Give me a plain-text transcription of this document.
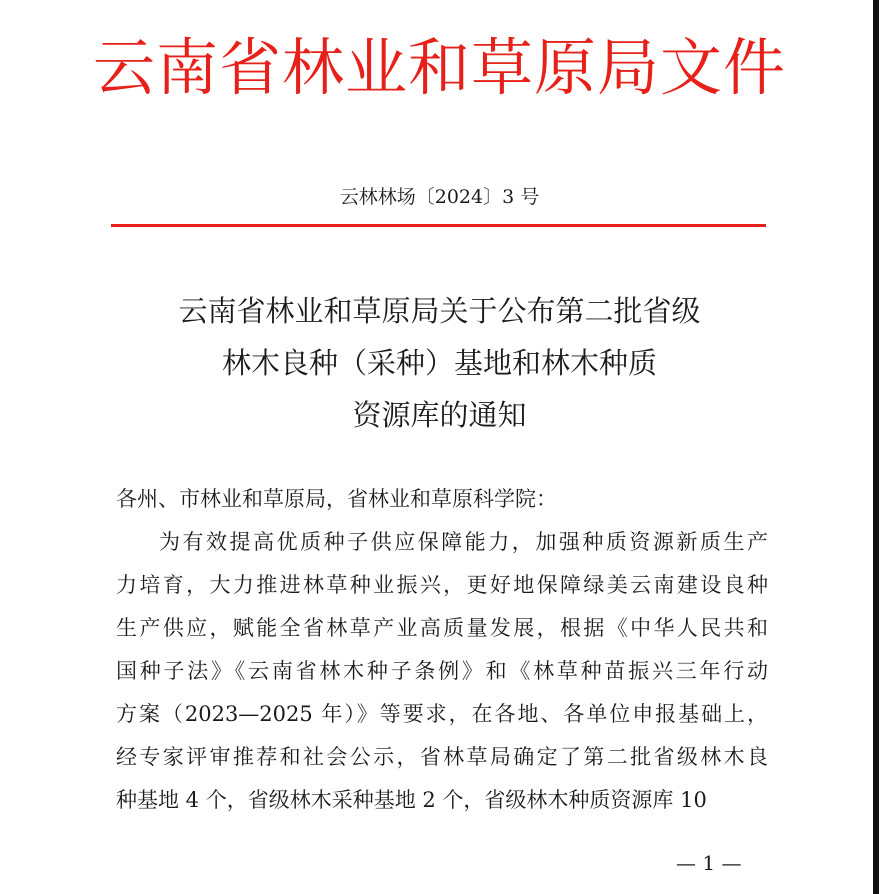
云南省林业和草原局文件
云林林场〔2024〕3 号
云南省林业和草原局关于公布第二批省级
林木良种（采种）基地和林木种质
资源库的通知
各州、市林业和草原局，省林业和草原科学院：
为有效提高优质种子供应保障能力，加强种质资源新质生产
力培育，大力推进林草种业振兴，更好地保障绿美云南建设良种
生产供应，赋能全省林草产业高质量发展，根据《中华人民共和
国种子法》《云南省林木种子条例》和《林草种苗振兴三年行动
方案（2023—2025 年）》等要求，在各地、各单位申报基础上，
经专家评审推荐和社会公示，省林草局确定了第二批省级林木良
种基地 4 个，省级林木采种基地 2 个，省级林木种质资源库 10
— 1 —
